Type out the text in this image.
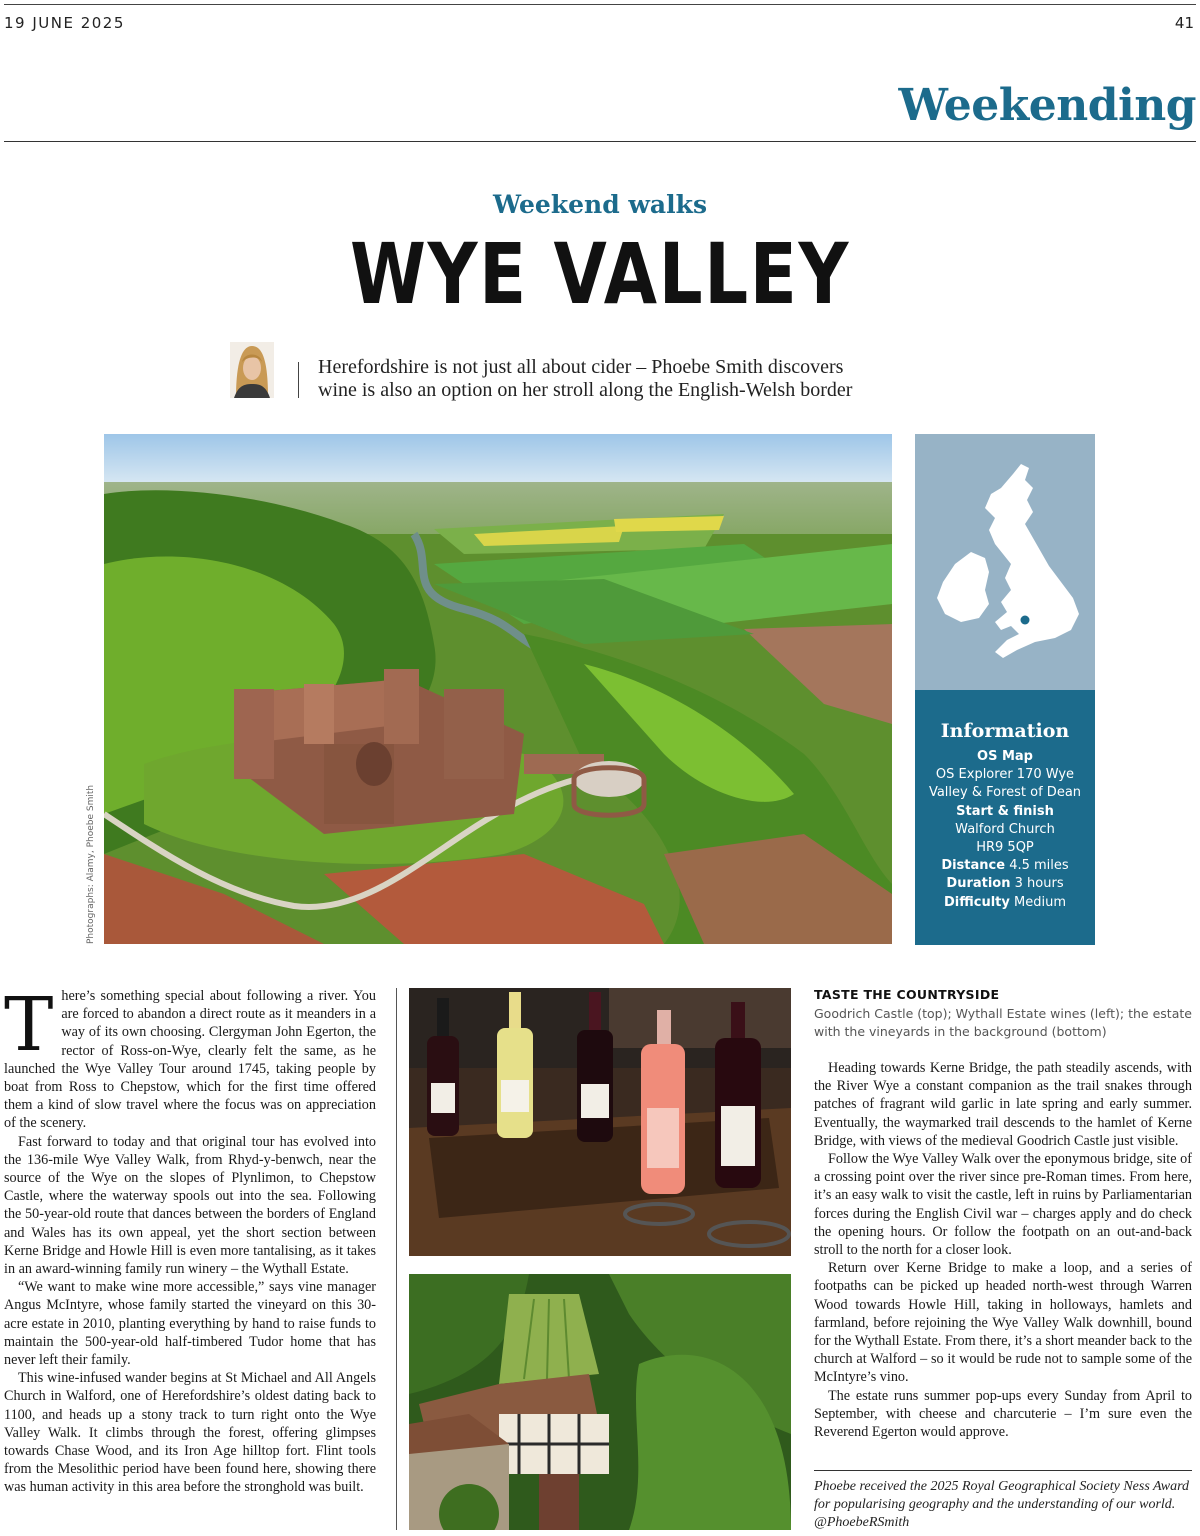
19 JUNE 2025	41
Weekending
Weekend walks
WYE VALLEY
Herefordshire is not just all about cider – Phoebe Smith discovers
wine is also an option on her stroll along the English-Welsh border
Photographs: Alamy, Phoebe Smith
Information
OS Map
OS Explorer 170 Wye
Valley & Forest of Dean
Start & finish
Walford Church
HR9 5QP
Distance 4.5 miles
Duration 3 hours
Difficulty Medium

There’s something special about following a river. You are forced to abandon a direct route as it meanders in a way of its own choosing. Clergyman John Egerton, the rector of Ross-on-Wye, clearly felt the same, as he launched the Wye Valley Tour around 1745, taking people by boat from Ross to Chepstow, which for the first time offered them a kind of slow travel where the focus was on appreciation of the scenery.

Fast forward to today and that original tour has evolved into the 136-mile Wye Valley Walk, from Rhyd-y-benwch, near the source of the Wye on the slopes of Plynlimon, to Chepstow Castle, where the waterway spools out into the sea. Following the 50-year-old route that dances between the borders of England and Wales has its own appeal, yet the short section between Kerne Bridge and Howle Hill is even more tantalising, as it takes in an award-winning family run winery – the Wythall Estate.

“We want to make wine more accessible,” says vine manager Angus McIntyre, whose family started the vineyard on this 30-acre estate in 2010, planting everything by hand to raise funds to maintain the 500-year-old half-timbered Tudor home that has never left their family.

This wine-infused wander begins at St Michael and All Angels Church in Walford, one of Herefordshire’s oldest dating back to 1100, and heads up a stony track to turn right onto the Wye Valley Walk. It climbs through the forest, offering glimpses towards Chase Wood, and its Iron Age hilltop fort. Flint tools from the Mesolithic period have been found here, showing there was human activity in this area before the stronghold was built.

TASTE THE COUNTRYSIDE
Goodrich Castle (top); Wythall Estate wines (left); the estate with the vineyards in the background (bottom)

Heading towards Kerne Bridge, the path steadily ascends, with the River Wye a constant companion as the trail snakes through patches of fragrant wild garlic in late spring and early summer. Eventually, the waymarked trail descends to the hamlet of Kerne Bridge, with views of the medieval Goodrich Castle just visible.

Follow the Wye Valley Walk over the eponymous bridge, site of a crossing point over the river since pre-Roman times. From here, it’s an easy walk to visit the castle, left in ruins by Parliamentarian forces during the English Civil war – charges apply and do check the opening hours. Or follow the footpath on an out-and-back stroll to the north for a closer look.

Return over Kerne Bridge to make a loop, and a series of footpaths can be picked up headed north-west through Warren Wood towards Howle Hill, taking in holloways, hamlets and farmland, before rejoining the Wye Valley Walk downhill, bound for the Wythall Estate. From there, it’s a short meander back to the church at Walford – so it would be rude not to sample some of the McIntyre’s vino.

The estate runs summer pop-ups every Sunday from April to September, with cheese and charcuterie – I’m sure even the Reverend Egerton would approve.

Phoebe received the 2025 Royal Geographical Society Ness Award for popularising geography and the understanding of our world. @PhoebeRSmith
